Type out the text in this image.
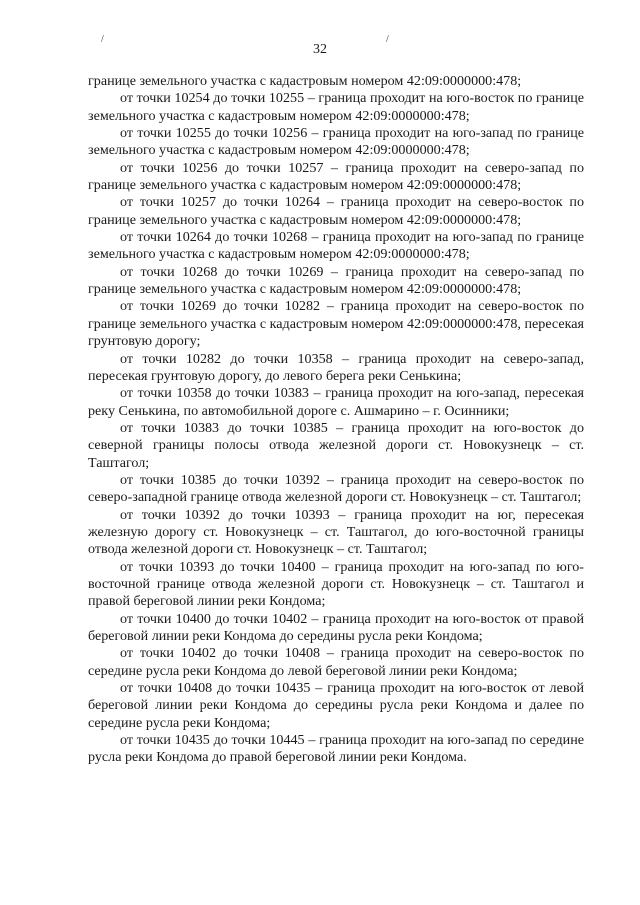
/	/
32

границе земельного участка с кадастровым номером 42:09:0000000:478;

от точки 10254 до точки 10255 – граница проходит на юго-восток по границе земельного участка с кадастровым номером 42:09:0000000:478;

от точки 10255 до точки 10256 – граница проходит на юго-запад по границе земельного участка с кадастровым номером 42:09:0000000:478;

от точки 10256 до точки 10257 – граница проходит на северо-запад по границе земельного участка с кадастровым номером 42:09:0000000:478;

от точки 10257 до точки 10264 – граница проходит на северо-восток по границе земельного участка с кадастровым номером 42:09:0000000:478;

от точки 10264 до точки 10268 – граница проходит на юго-запад по границе земельного участка с кадастровым номером 42:09:0000000:478;

от точки 10268 до точки 10269 – граница проходит на северо-запад по границе земельного участка с кадастровым номером 42:09:0000000:478;

от точки 10269 до точки 10282 – граница проходит на северо-восток по границе земельного участка с кадастровым номером 42:09:0000000:478, пересекая грунтовую дорогу;

от точки 10282 до точки 10358 – граница проходит на северо-запад, пересекая грунтовую дорогу, до левого берега реки Сенькина;

от точки 10358 до точки 10383 – граница проходит на юго-запад, пересекая реку Сенькина, по автомобильной дороге с. Ашмарино – г. Осинники;

от точки 10383 до точки 10385 – граница проходит на юго-восток до северной границы полосы отвода железной дороги ст. Новокузнецк – ст. Таштагол;

от точки 10385 до точки 10392 – граница проходит на северо-восток по северо-западной границе отвода железной дороги ст. Новокузнецк – ст. Таштагол;

от точки 10392 до точки 10393 – граница проходит на юг, пересекая железную дорогу ст. Новокузнецк – ст. Таштагол, до юго-восточной границы отвода железной дороги ст. Новокузнецк – ст. Таштагол;

от точки 10393 до точки 10400 – граница проходит на юго-запад по юго-восточной границе отвода железной дороги ст. Новокузнецк – ст. Таштагол и правой береговой линии реки Кондома;

от точки 10400 до точки 10402 – граница проходит на юго-восток от правой береговой линии реки Кондома до середины русла реки Кондома;

от точки 10402 до точки 10408 – граница проходит на северо-восток по середине русла реки Кондома до левой береговой линии реки Кондома;

от точки 10408 до точки 10435 – граница проходит на юго-восток от левой береговой линии реки Кондома до середины русла реки Кондома и далее по середине русла реки Кондома;

от точки 10435 до точки 10445 – граница проходит на юго-запад по середине русла реки Кондома до правой береговой линии реки Кондома.
